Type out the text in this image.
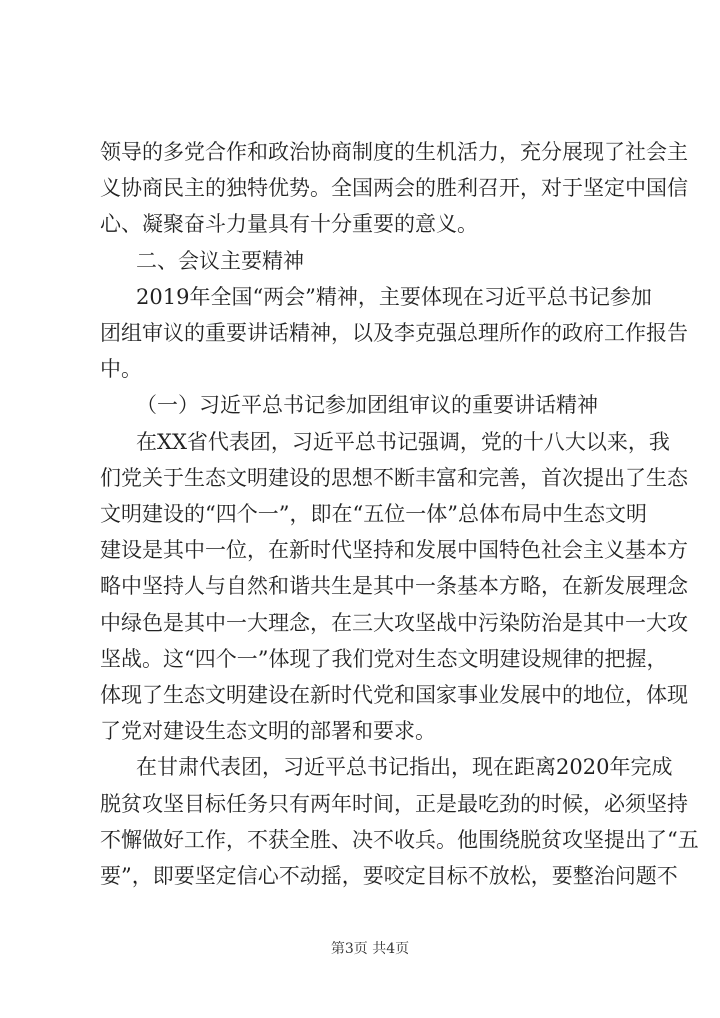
领导的多党合作和政治协商制度的生机活力，充分展现了社会主
义协商民主的独特优势。全国两会的胜利召开，对于坚定中国信
心、凝聚奋斗力量具有十分重要的意义。
二、会议主要精神
2019年全国“两会”精神，主要体现在习近平总书记参加
团组审议的重要讲话精神，以及李克强总理所作的政府工作报告
中。
（一）习近平总书记参加团组审议的重要讲话精神
在XX省代表团，习近平总书记强调，党的十八大以来，我
们党关于生态文明建设的思想不断丰富和完善，首次提出了生态
文明建设的“四个一”，即在“五位一体”总体布局中生态文明
建设是其中一位，在新时代坚持和发展中国特色社会主义基本方
略中坚持人与自然和谐共生是其中一条基本方略，在新发展理念
中绿色是其中一大理念，在三大攻坚战中污染防治是其中一大攻
坚战。这“四个一”体现了我们党对生态文明建设规律的把握，
体现了生态文明建设在新时代党和国家事业发展中的地位，体现
了党对建设生态文明的部署和要求。
在甘肃代表团，习近平总书记指出，现在距离2020年完成
脱贫攻坚目标任务只有两年时间，正是最吃劲的时候，必须坚持
不懈做好工作，不获全胜、决不收兵。他围绕脱贫攻坚提出了“五
要”，即要坚定信心不动摇，要咬定目标不放松，要整治问题不
第3页 共4页
